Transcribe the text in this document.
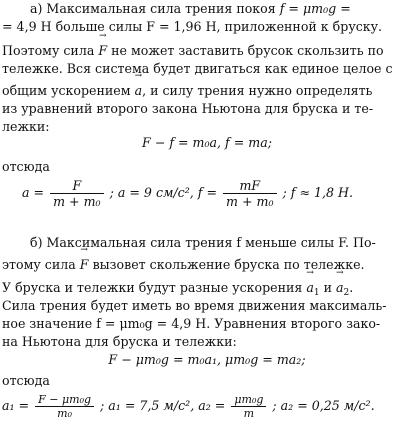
а) Максимальная сила трения покоя f = μm₀g =
= 4,9 Н больше силы F = 1,96 Н, приложенной к бруску.
Поэтому сила → F не может заставить брусок скользить по
тележке. Вся система будет двигаться как единое целое с
общим ускорением → a, и силу трения нужно определять
из уравнений второго закона Ньютона для бруска и те-
лежки:
F − f = m₀a, f = ma;
отсюда
$a = \frac{F}{\text{m + m₀}}$ ; a = 9 см/с², $f = \frac{mF}{\text{m + m₀}}$ ; f ≈ 1,8 Н.
б) Максимальная сила трения f меньше силы F. По-
этому сила → F вызовет скольжение бруска по тележке.
У бруска и тележки будут разные ускорения → $a_1$ $и \to a_2$.
Сила трения будет иметь во время движения максималь-
ное значение f = μm₀g = 4,9 Н. Уравнения второго зако-
на Ньютона для бруска и тележки:
F − μm₀g = m₀a₁, μm₀g = ma₂;
отсюда
$a_1 = \frac{\text{F − μm₀g}}{\text{m₀}}$ ; a₁ = 7,5 м/с², $a_2 = \frac{\text{μm₀g}}{m}$ ; a₂ = 0,25 м/с².
